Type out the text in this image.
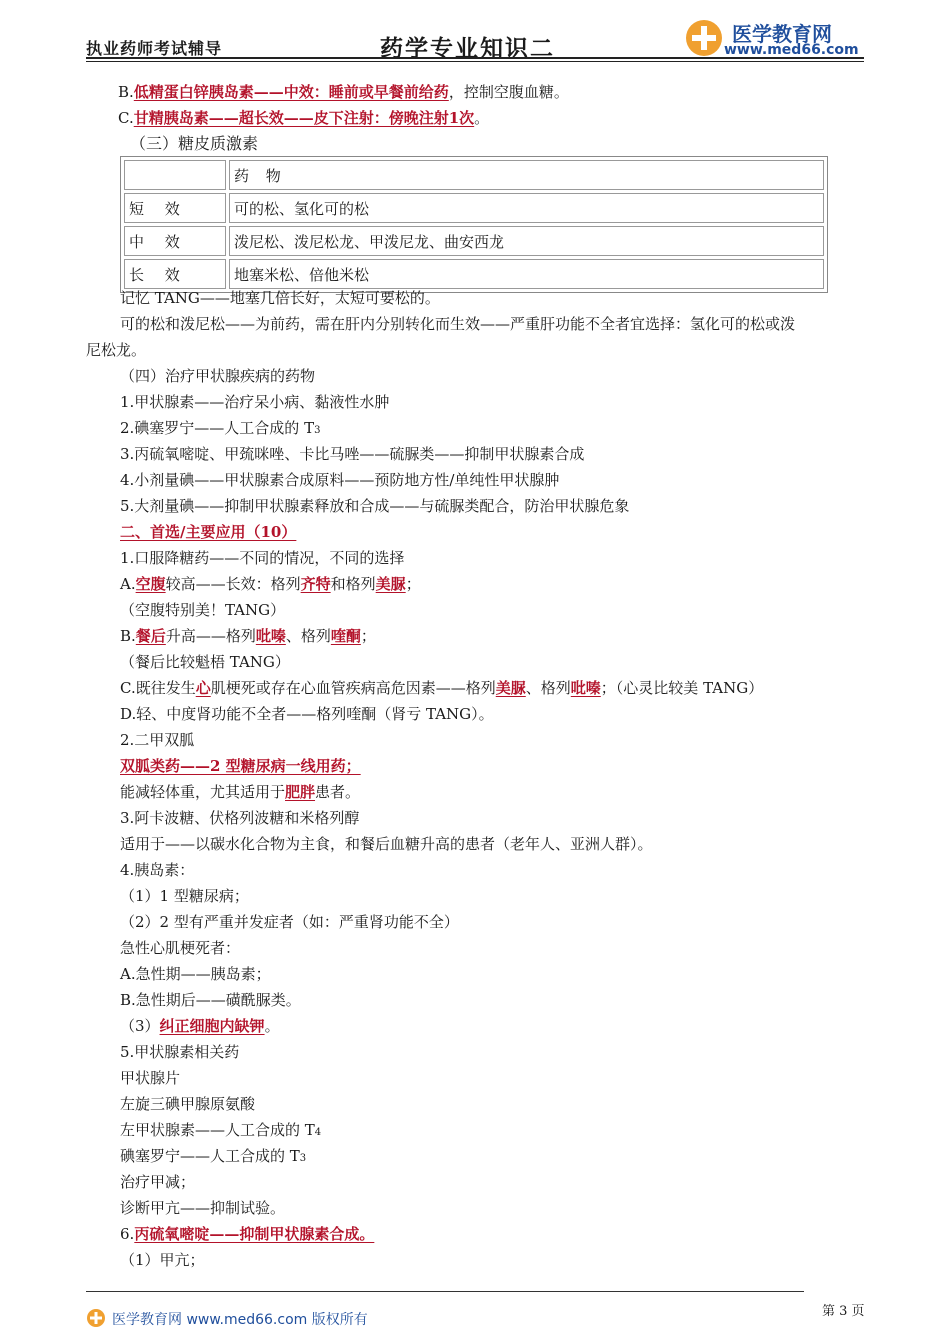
执业药师考试辅导	药学专业知识二
医学教育网
www.med66.com
B.低精蛋白锌胰岛素——中效：睡前或早餐前给药，控制空腹血糖。
C.甘精胰岛素——超长效——皮下注射：傍晚注射1次。
（三）糖皮质激素
	药 物
短 效	可的松、氢化可的松
中 效	泼尼松、泼尼松龙、甲泼尼龙、曲安西龙
长 效	地塞米松、倍他米松
记忆 TANG——地塞几倍长好，太短可要松的。
可的松和泼尼松——为前药，需在肝内分别转化而生效——严重肝功能不全者宜选择：氢化可的松或泼
尼松龙。
（四）治疗甲状腺疾病的药物
1.甲状腺素——治疗呆小病、黏液性水肿
2.碘塞罗宁——人工合成的 T3
3.丙硫氧嘧啶、甲巯咪唑、卡比马唑——硫脲类——抑制甲状腺素合成
4.小剂量碘——甲状腺素合成原料——预防地方性/单纯性甲状腺肿
5.大剂量碘——抑制甲状腺素释放和合成——与硫脲类配合，防治甲状腺危象
二、首选/主要应用（10）
1.口服降糖药——不同的情况，不同的选择
A.空腹较高——长效：格列齐特和格列美脲；
（空腹特别美！TANG）
B.餐后升高——格列吡嗪、格列喹酮；
（餐后比较魁梧 TANG）
C.既往发生心肌梗死或存在心血管疾病高危因素——格列美脲、格列吡嗪；（心灵比较美 TANG）
D.轻、中度肾功能不全者——格列喹酮（肾亏 TANG）。
2.二甲双胍
双胍类药——2 型糖尿病一线用药；
能减轻体重，尤其适用于肥胖患者。
3.阿卡波糖、伏格列波糖和米格列醇
适用于——以碳水化合物为主食，和餐后血糖升高的患者（老年人、亚洲人群）。
4.胰岛素：
（1）1 型糖尿病；
（2）2 型有严重并发症者（如：严重肾功能不全）
急性心肌梗死者：
A.急性期——胰岛素；
B.急性期后——磺酰脲类。
（3）纠正细胞内缺钾。
5.甲状腺素相关药
甲状腺片
左旋三碘甲腺原氨酸
左甲状腺素——人工合成的 T4
碘塞罗宁——人工合成的 T3
治疗甲减；
诊断甲亢——抑制试验。
6.丙硫氧嘧啶——抑制甲状腺素合成。
（1）甲亢；
医学教育网 www.med66.com 版权所有
第 3 页
